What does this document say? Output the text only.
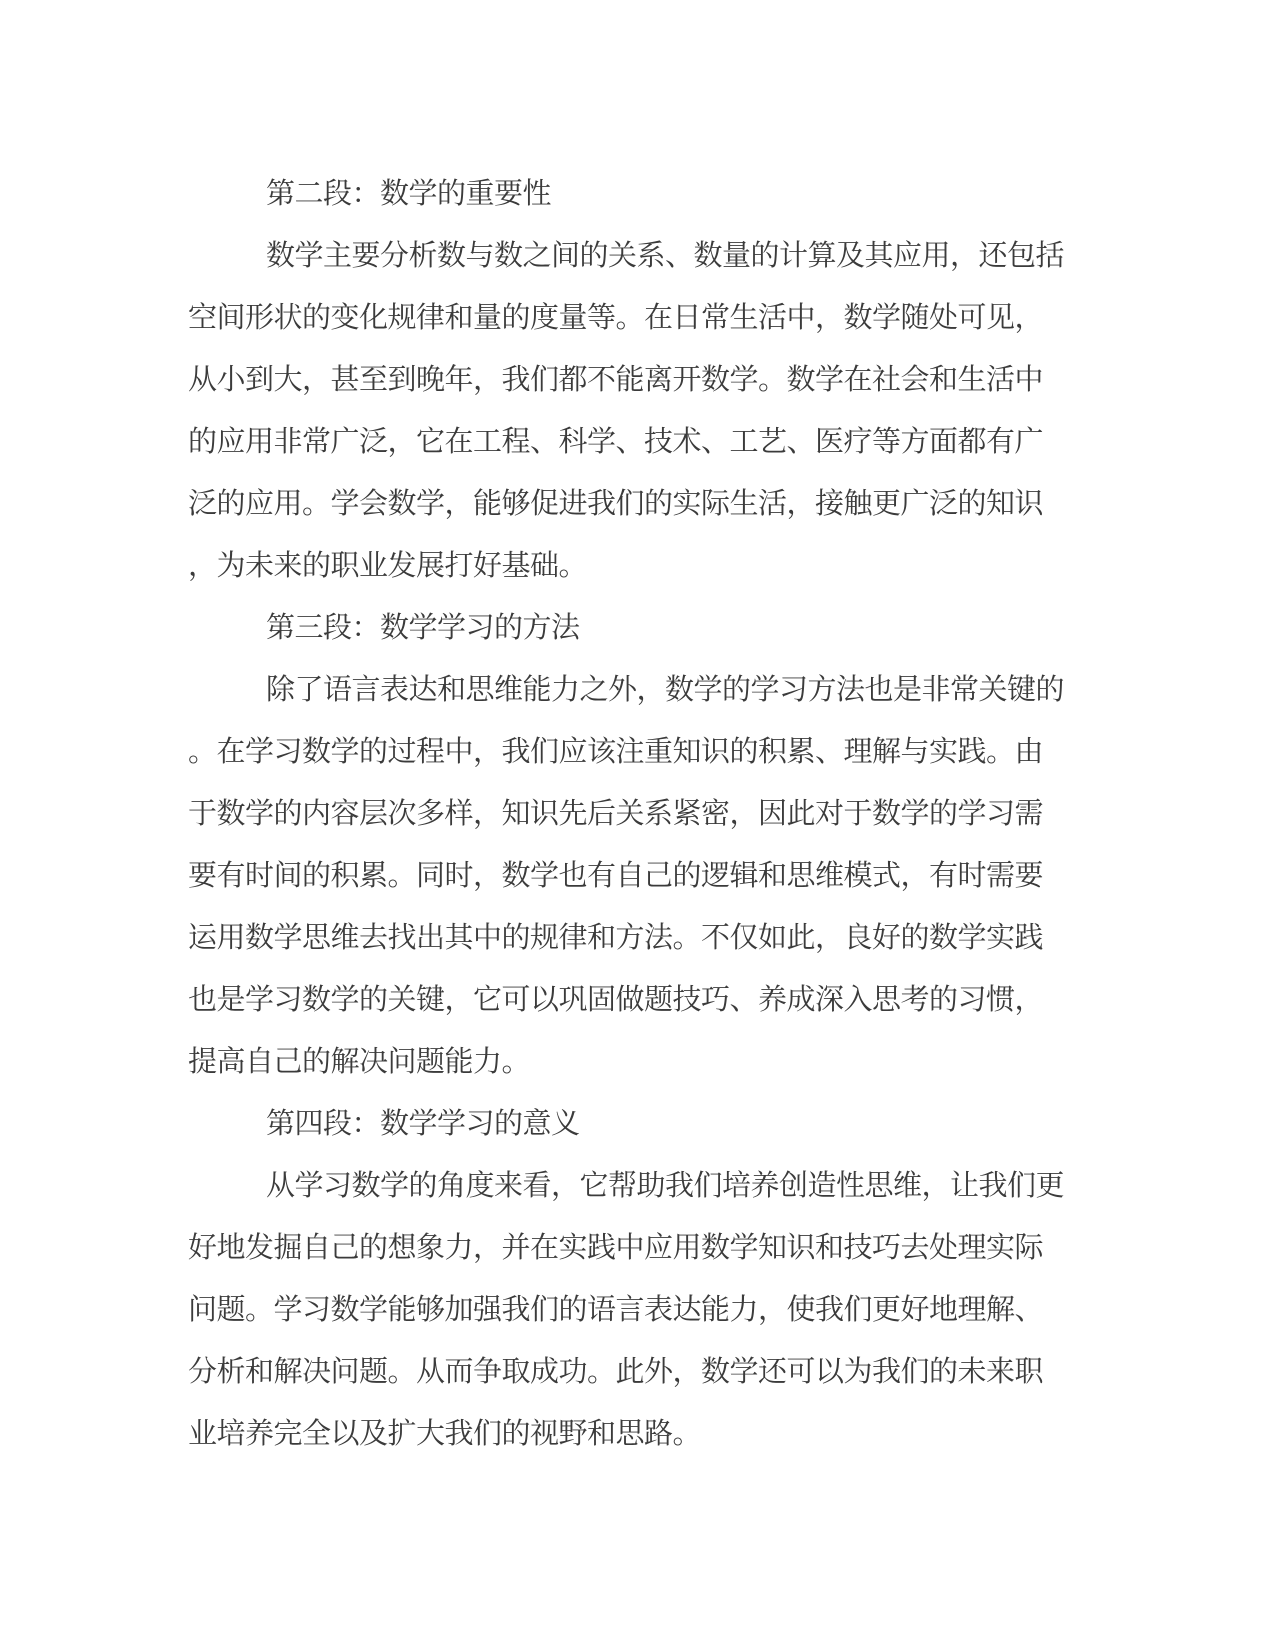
第二段：数学的重要性
数学主要分析数与数之间的关系、数量的计算及其应用，还包括
空间形状的变化规律和量的度量等。在日常生活中，数学随处可见，
从小到大，甚至到晚年，我们都不能离开数学。数学在社会和生活中
的应用非常广泛，它在工程、科学、技术、工艺、医疗等方面都有广
泛的应用。学会数学，能够促进我们的实际生活，接触更广泛的知识
，为未来的职业发展打好基础。
第三段：数学学习的方法
除了语言表达和思维能力之外，数学的学习方法也是非常关键的
。在学习数学的过程中，我们应该注重知识的积累、理解与实践。由
于数学的内容层次多样，知识先后关系紧密，因此对于数学的学习需
要有时间的积累。同时，数学也有自己的逻辑和思维模式，有时需要
运用数学思维去找出其中的规律和方法。不仅如此，良好的数学实践
也是学习数学的关键，它可以巩固做题技巧、养成深入思考的习惯，
提高自己的解决问题能力。
第四段：数学学习的意义
从学习数学的角度来看，它帮助我们培养创造性思维，让我们更
好地发掘自己的想象力，并在实践中应用数学知识和技巧去处理实际
问题。学习数学能够加强我们的语言表达能力，使我们更好地理解、
分析和解决问题。从而争取成功。此外，数学还可以为我们的未来职
业培养完全以及扩大我们的视野和思路。
